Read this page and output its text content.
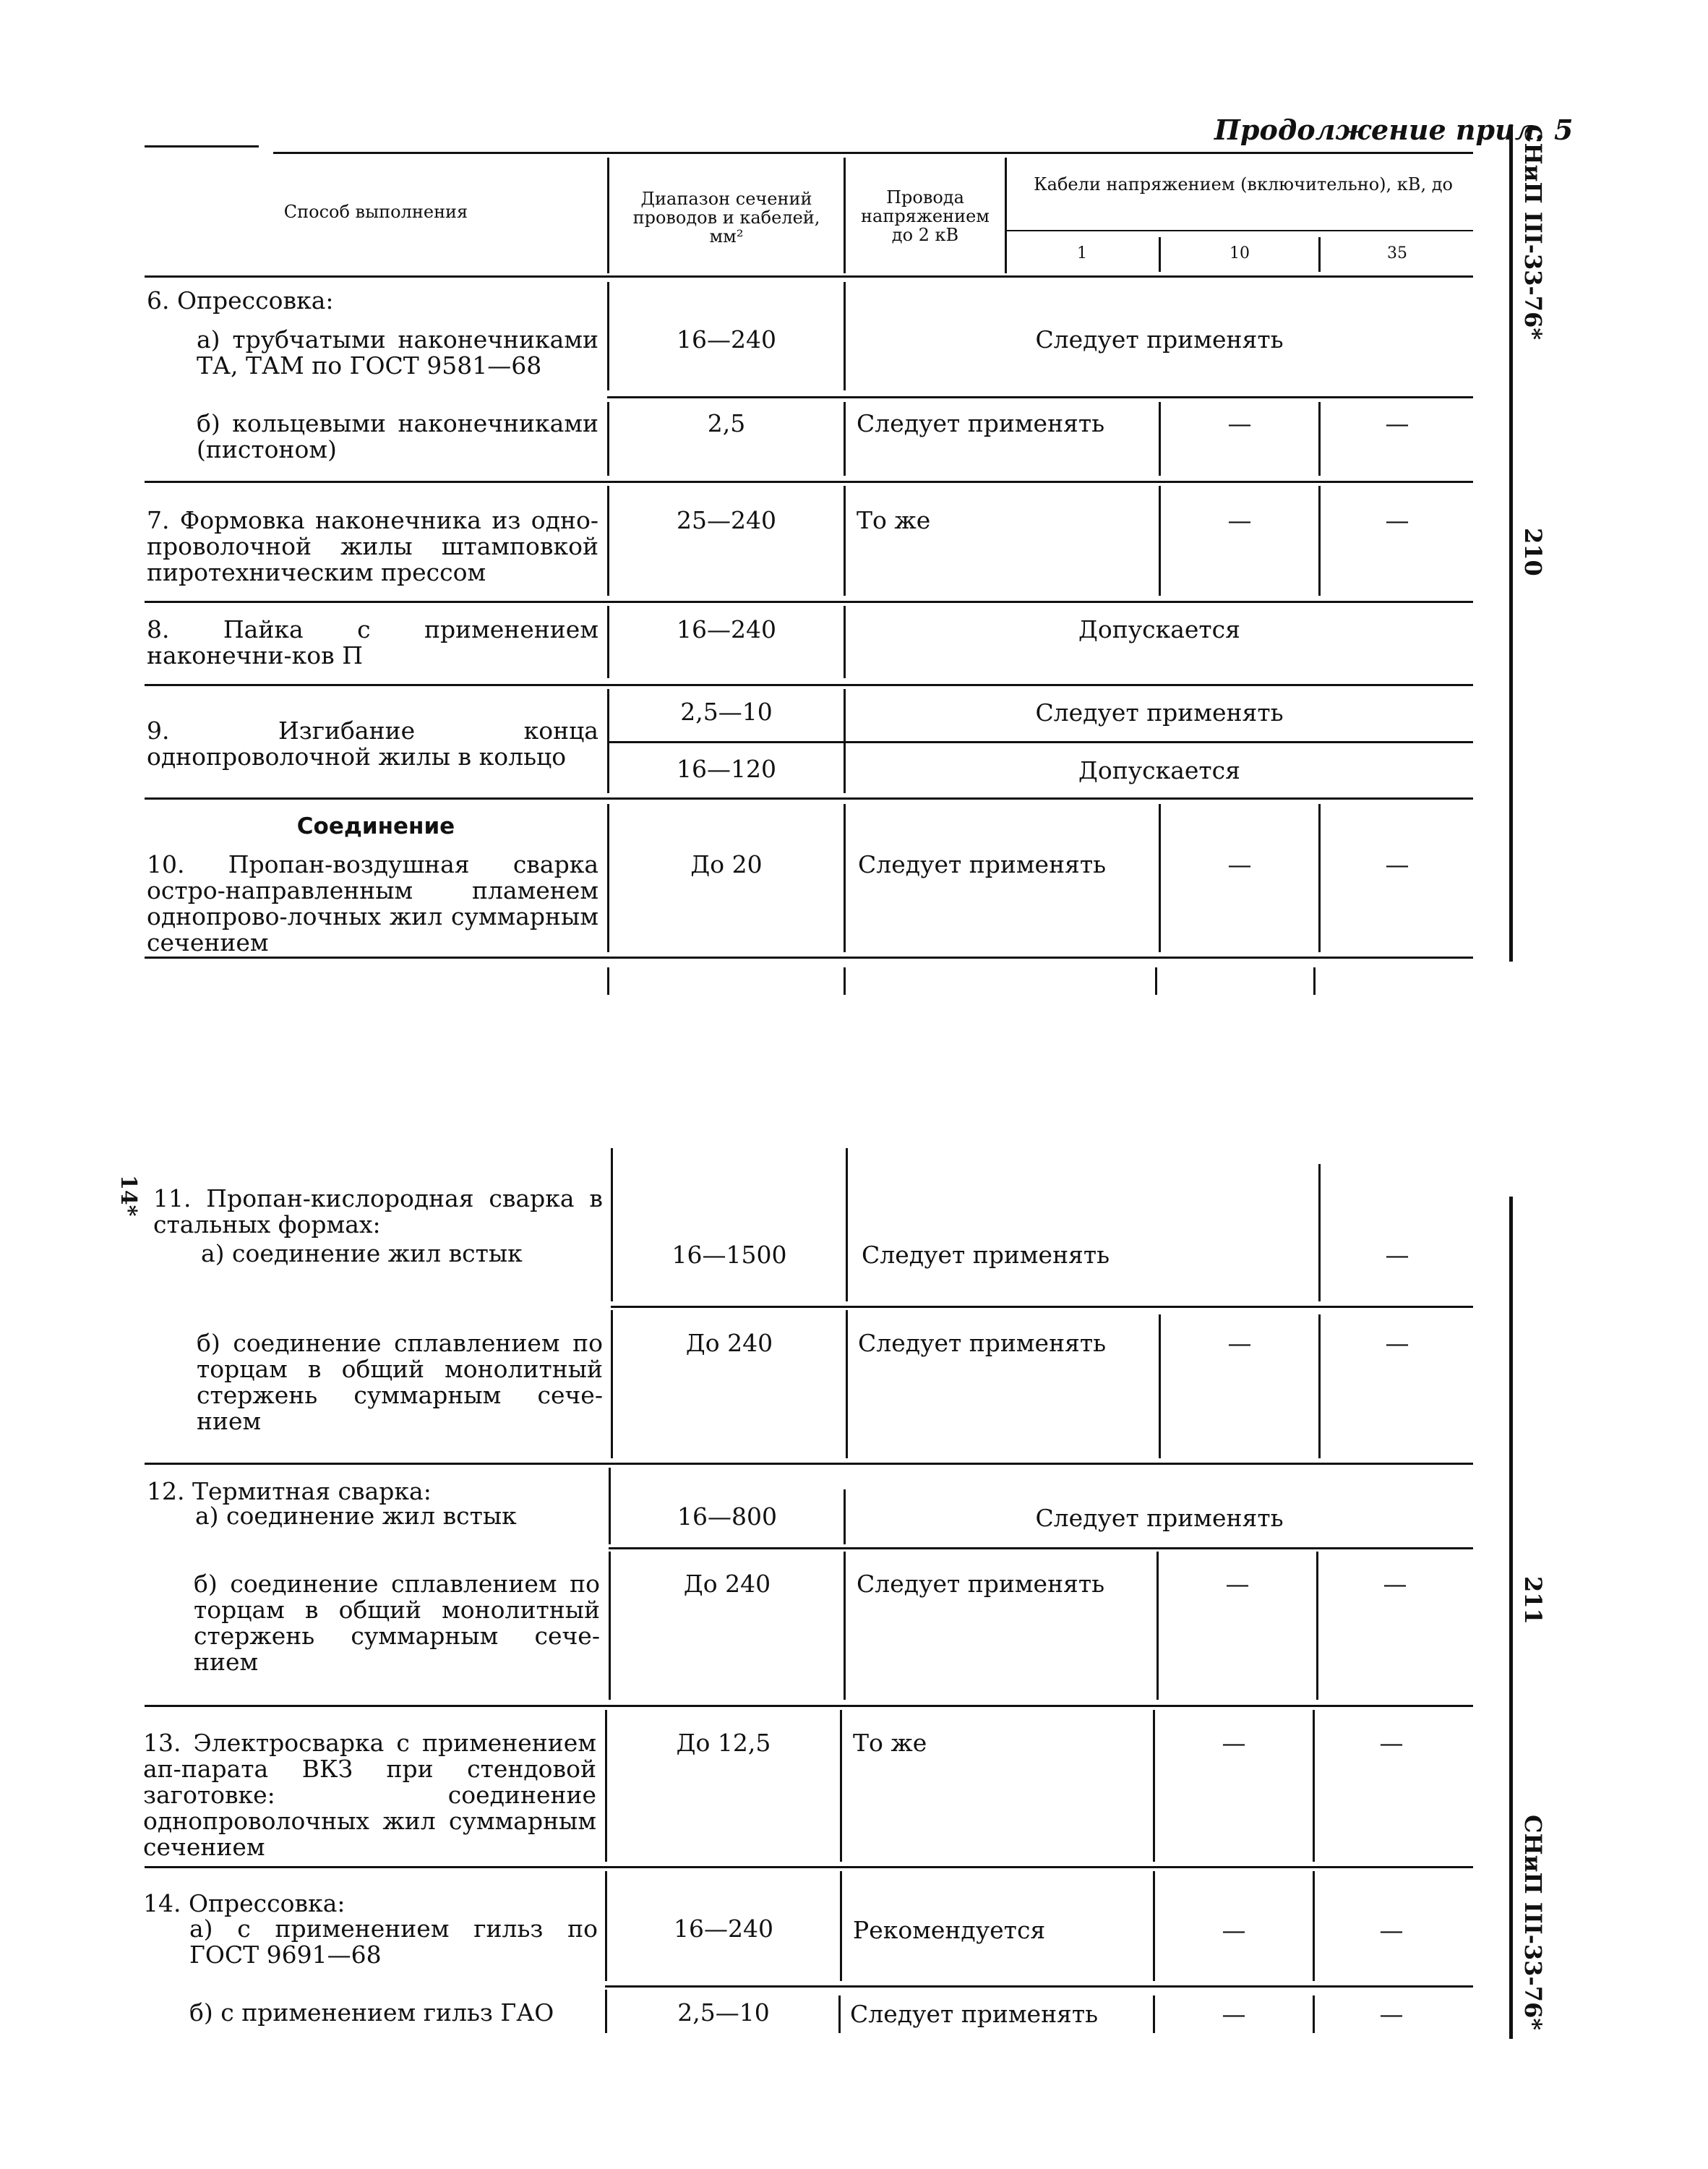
Продолжение прил. 5
СНиП III-33-76*
210
211
СНиП III-33-76*
14*
Способ выполнения
Диапазон сечений проводов и кабелей, мм²
Провода напряжением до 2 кВ
Кабели напряжением (включительно), кВ, до
1	10	35
6. Опрессовка:
а) трубчатыми наконечниками ТА, ТАМ по ГОСТ 9581—68
16—240	Следует применять
б) кольцевыми наконечниками (пистоном)
2,5	Следует применять	—	—
7. Формовка наконечника из одно-проволочной жилы штамповкой пиротехническим прессом
25—240	То же	—	—
8. Пайка с применением наконечни-ков П
16—240	Допускается
9. Изгибание конца однопроволочной жилы в кольцо
2,5—10	Следует применять
16—120	Допускается
Соединение
10. Пропан-воздушная сварка остро-направленным пламенем однопрово-лочных жил суммарным сечением
До 20	Следует применять	—	—
11. Пропан-кислородная сварка в стальных формах:
а) соединение жил встык	16—1500	Следует применять	—
б) соединение сплавлением по торцам в общий монолитный стержень суммарным сече-нием
До 240	Следует применять	—	—
12. Термитная сварка:
а) соединение жил встык	16—800	Следует применять
б) соединение сплавлением по торцам в общий монолитный стержень суммарным сече-нием
До 240	Следует применять	—	—
13. Электросварка с применением ап-парата ВКЗ при стендовой заготовке: соединение однопроволочных жил суммарным сечением
До 12,5	То же	—	—
14. Опрессовка:
а) с применением гильз по ГОСТ 9691—68
16—240	Рекомендуется	—	—
б) с применением гильз ГАО	2,5—10	Следует применять	—	—
